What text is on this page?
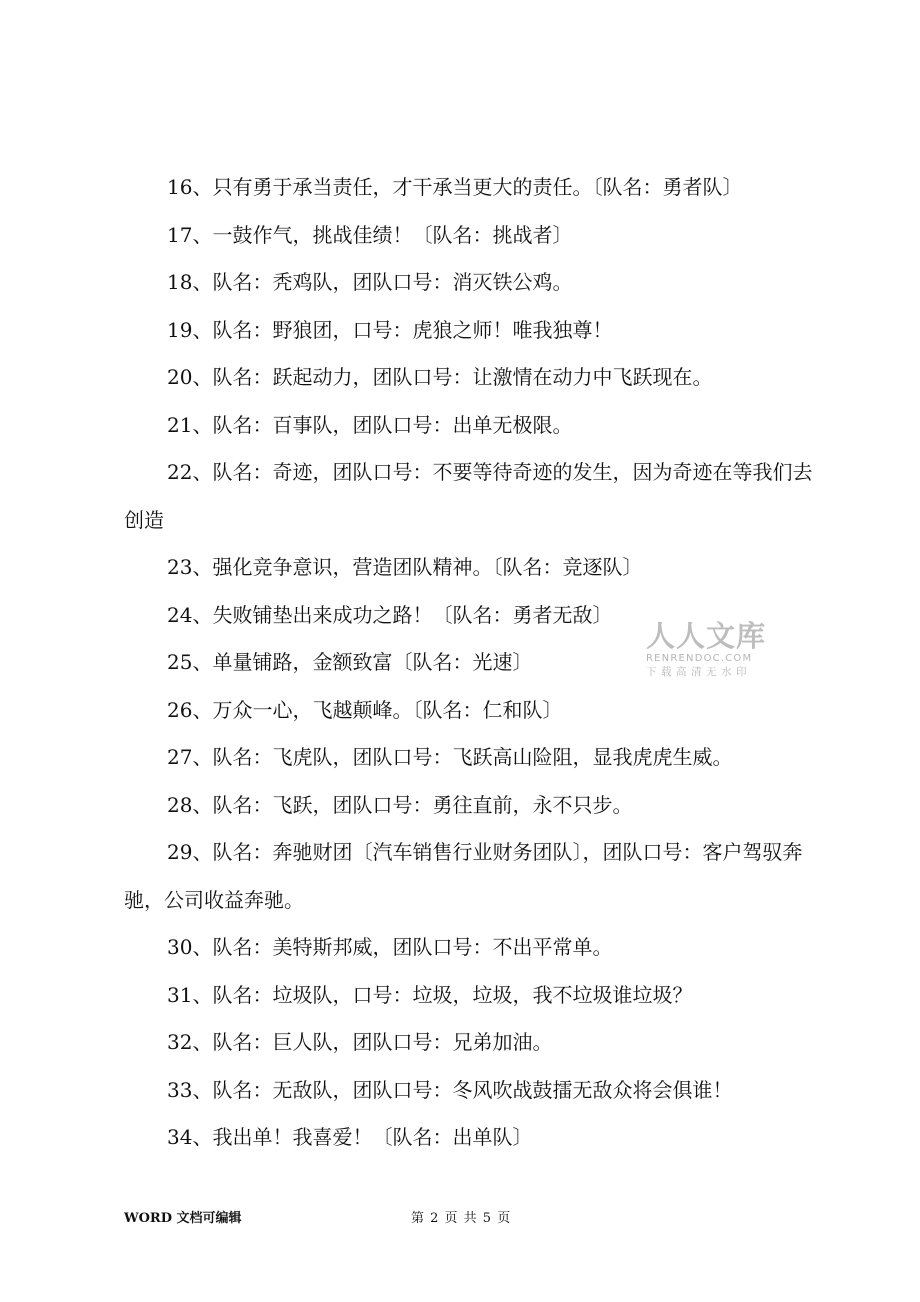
16、只有勇于承当责任，才干承当更大的责任。〔队名：勇者队〕

17、一鼓作气，挑战佳绩！〔队名：挑战者〕

18、队名：秃鸡队，团队口号：消灭铁公鸡。

19、队名：野狼团，口号：虎狼之师！唯我独尊！

20、队名：跃起动力，团队口号：让激情在动力中飞跃现在。

21、队名：百事队，团队口号：出单无极限。

22、队名：奇迹，团队口号：不要等待奇迹的发生，因为奇迹在等我们去创造

23、强化竞争意识，营造团队精神。〔队名：竞逐队〕

24、失败铺垫出来成功之路！〔队名：勇者无敌〕

25、单量铺路，金额致富〔队名：光速〕

26、万众一心，飞越颠峰。〔队名：仁和队〕

27、队名：飞虎队，团队口号：飞跃高山险阻，显我虎虎生威。

28、队名：飞跃，团队口号：勇往直前，永不只步。

29、队名：奔驰财团〔汽车销售行业财务团队〕，团队口号：客户驾驭奔驰，公司收益奔驰。

30、队名：美特斯邦威，团队口号：不出平常单。

31、队名：垃圾队，口号：垃圾，垃圾，我不垃圾谁垃圾？

32、队名：巨人队，团队口号：兄弟加油。

33、队名：无敌队，团队口号：冬风吹战鼓擂无敌众将会俱谁！

34、我出单！我喜爱！〔队名：出单队〕

人人文库
RENRENDOC.COM
下载高清无水印
WORD 文档可编辑	第 2 页 共 5 页
